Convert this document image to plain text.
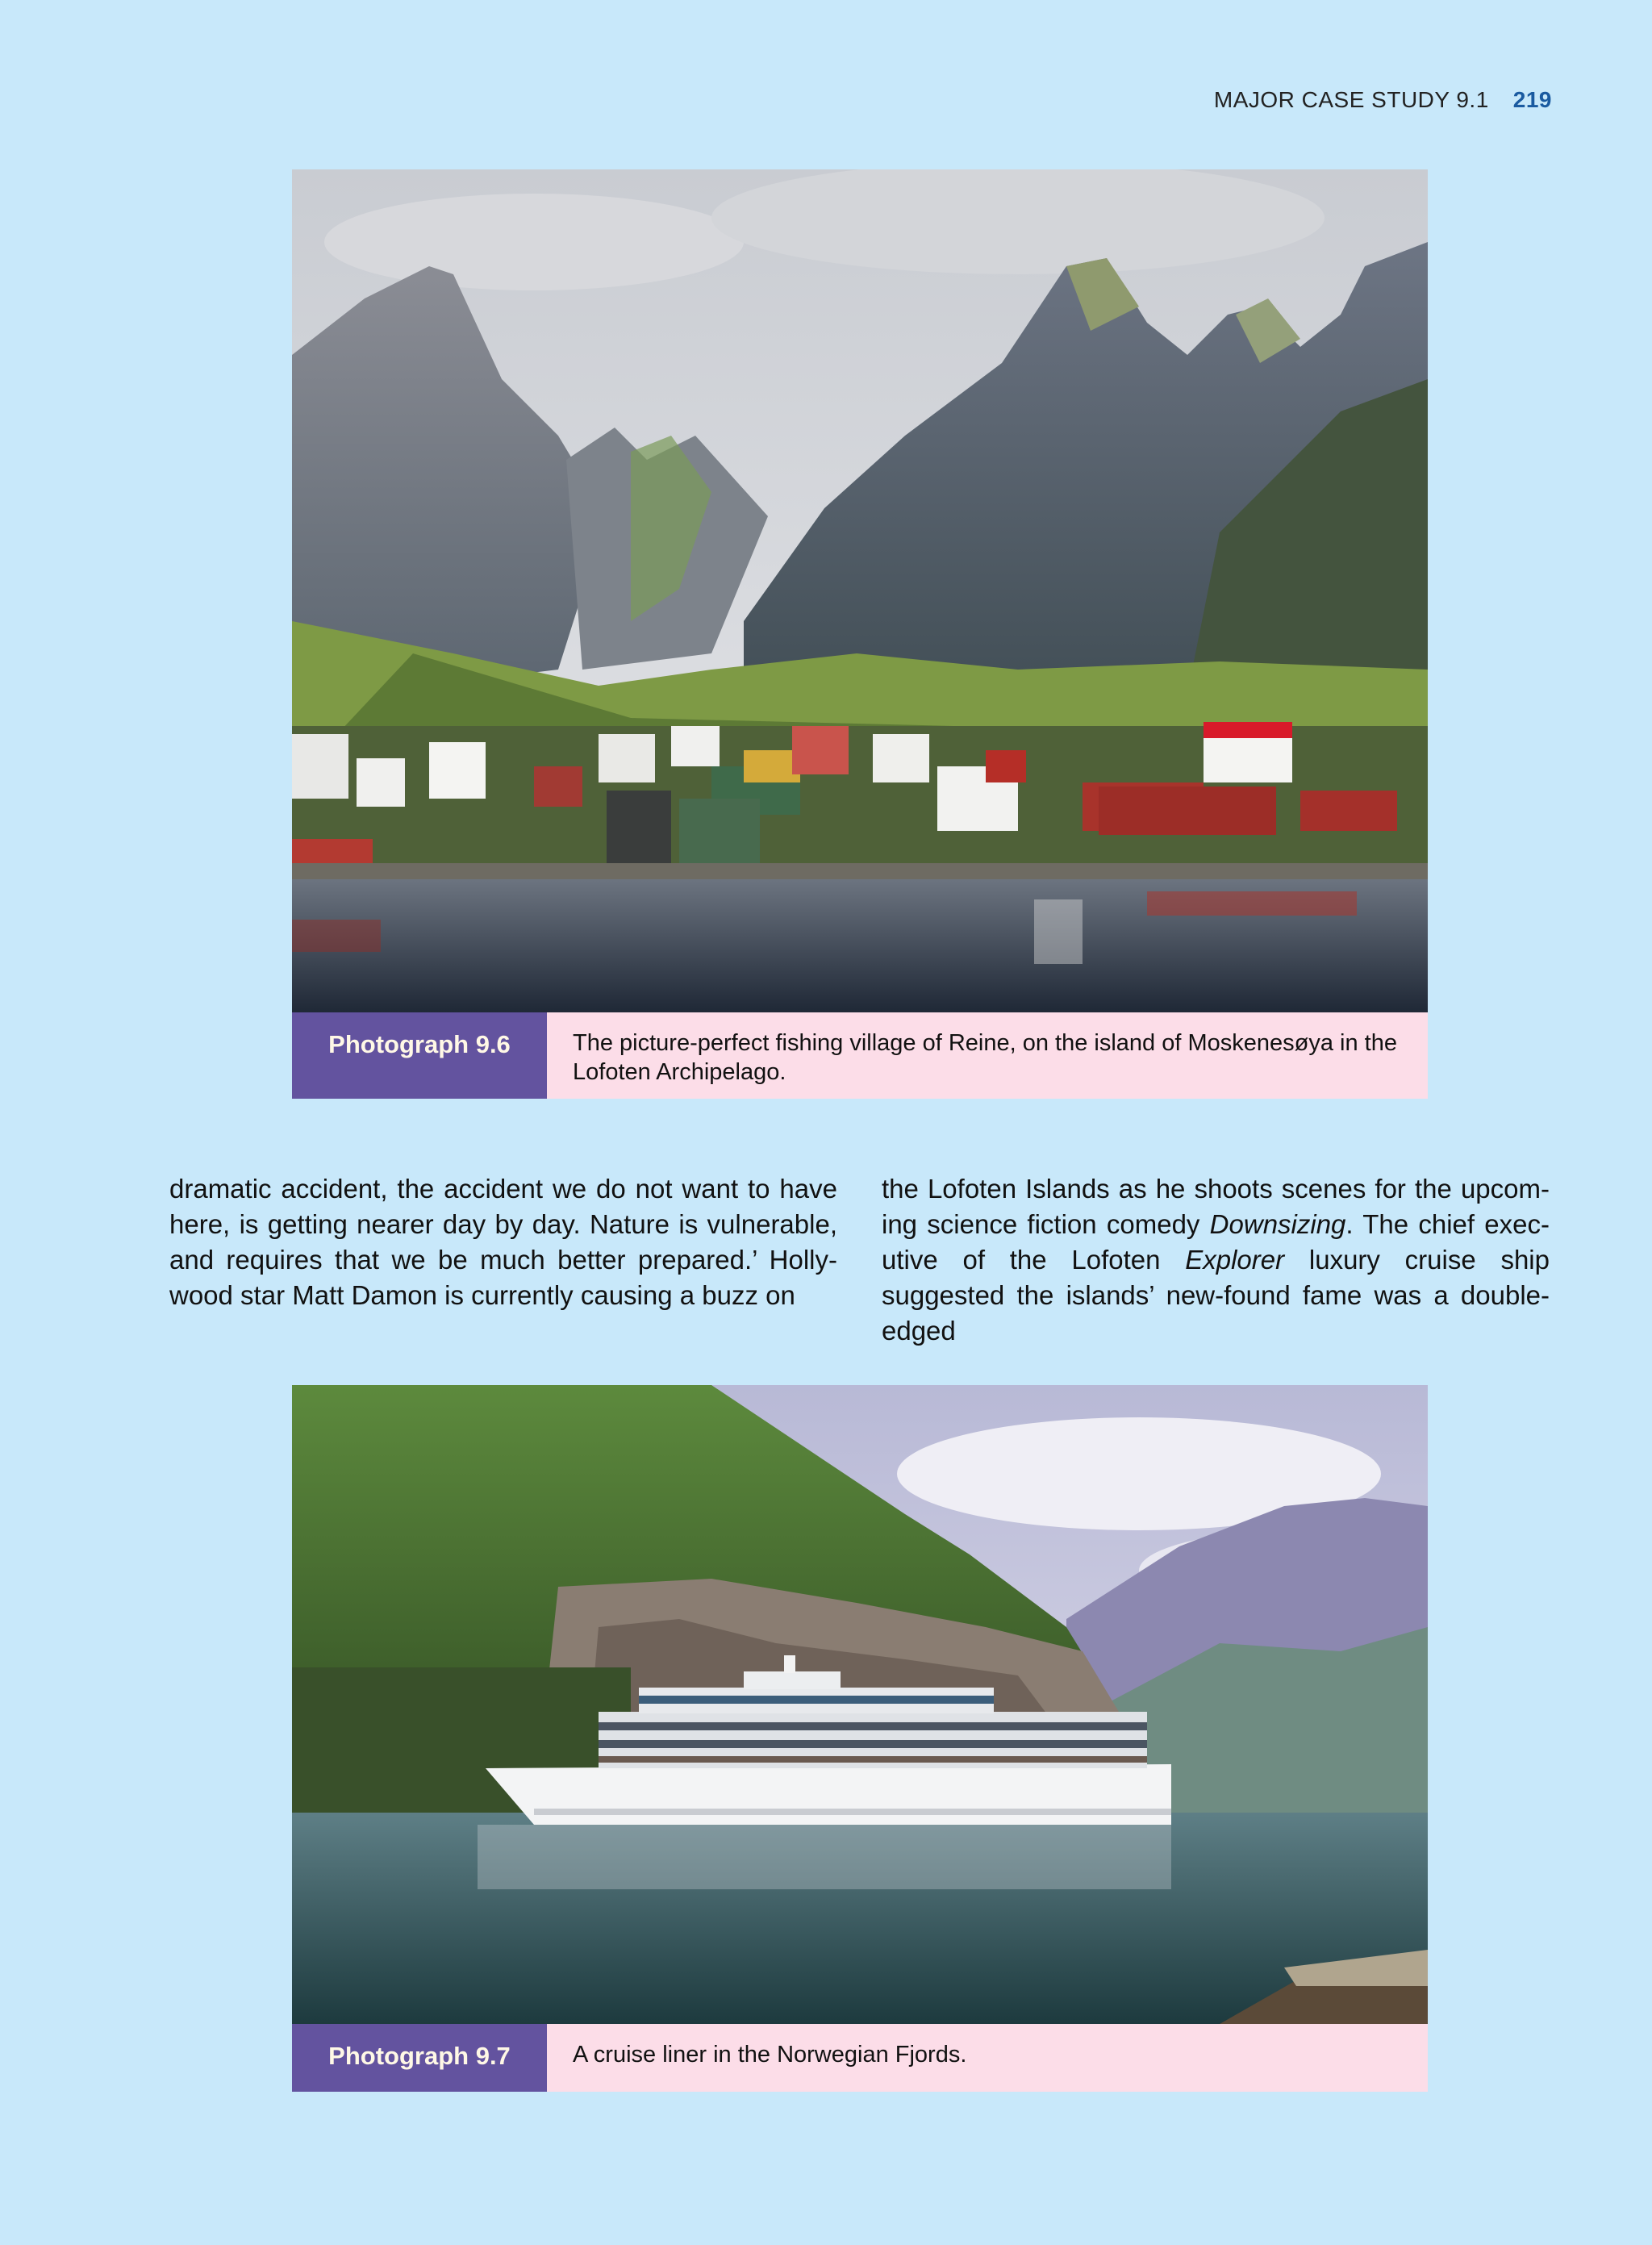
MAJOR CASE STUDY 9.1 219
Photograph 9.6	The picture-perfect fishing village of Reine, on the island of Moskenesøya in the Lofoten Archipelago.

dramatic accident, the accident we do not want to have here, is getting nearer day by day. Nature is vulnerable, and requires that we be much better prepared.’ Hollywood star Matt Damon is currently causing a buzz on

the Lofoten Islands as he shoots scenes for the upcoming science fiction comedy Downsizing. The chief executive of the Lofoten Explorer luxury cruise ship suggested the islands’ new-found fame was a double-edged

Photograph 9.7	A cruise liner in the Norwegian Fjords.
